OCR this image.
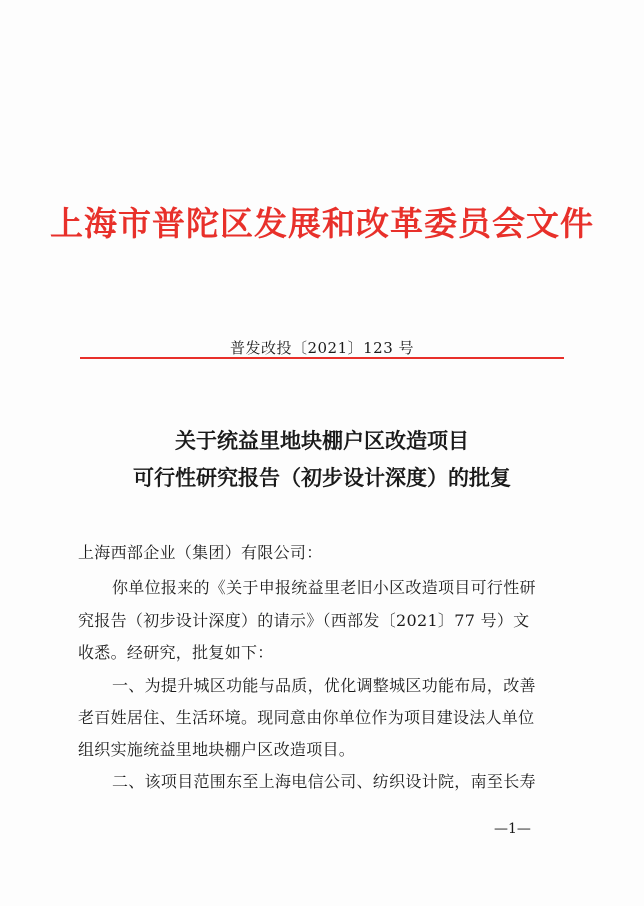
上海市普陀区发展和改革委员会文件
普发改投〔2021〕123 号
关于统益里地块棚户区改造项目
可行性研究报告（初步设计深度）的批复
上海西部企业（集团）有限公司：
你单位报来的《关于申报统益里老旧小区改造项目可行性研
究报告（初步设计深度）的请示》（西部发〔2021〕77 号）文
收悉。经研究，批复如下：
一、为提升城区功能与品质，优化调整城区功能布局，改善
老百姓居住、生活环境。现同意由你单位作为项目建设法人单位
组织实施统益里地块棚户区改造项目。
二、该项目范围东至上海电信公司、纺织设计院，南至长寿
—1—
